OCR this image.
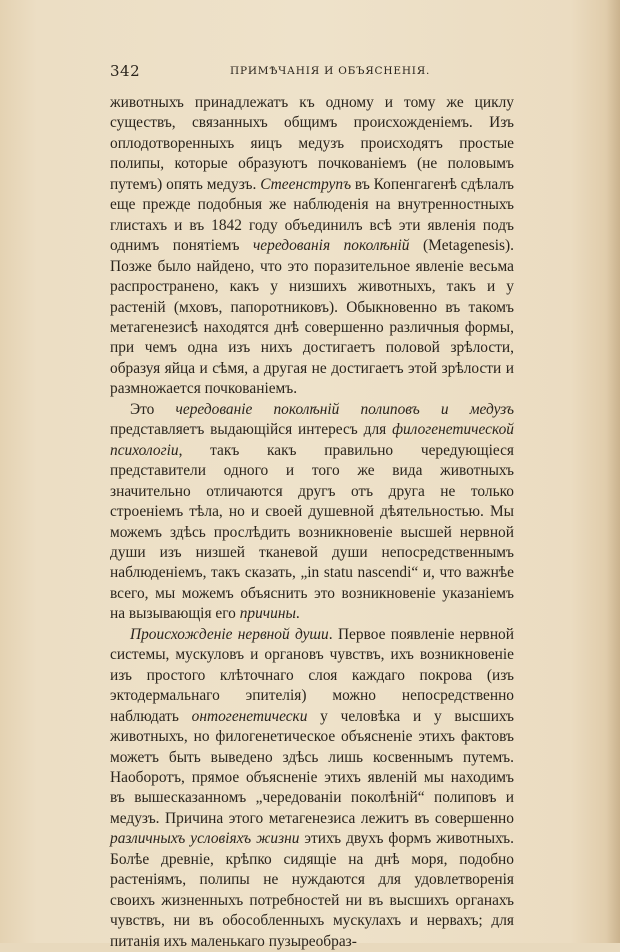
342	ПРИМѢЧАНІЯ И ОБЪЯСНЕНІЯ.

животныхъ принадлежатъ къ одному и тому же циклу существъ, связанныхъ общимъ происхожденіемъ. Изъ оплодотворенныхъ яицъ медузъ происходятъ простые полипы, которые образуютъ почкованіемъ (не половымъ путемъ) опять медузъ. Стеенструпъ въ Копенгагенѣ сдѣлалъ еще прежде подобныя же наблюденія на внутренностныхъ глистахъ и въ 1842 году объединилъ всѣ эти явленія подъ однимъ понятіемъ чередованія поколѣній (Metagenesis). Позже было найдено, что это поразительное явленіе весьма распространено, какъ у низшихъ животныхъ, такъ и у растеній (мховъ, папоротниковъ). Обыкновенно въ такомъ метагенезисѣ находятся днѣ совершенно различныя формы, при чемъ одна изъ нихъ достигаетъ половой зрѣлости, образуя яйца и сѣмя, а другая не достигаетъ этой зрѣлости и размножается почкованіемъ.

Это чередованіе поколѣній полиповъ и медузъ представляетъ выдающійся интересъ для филогенетической психологіи, такъ какъ правильно чередующіеся представители одного и того же вида животныхъ значительно отличаются другъ отъ друга не только строеніемъ тѣла, но и своей душевной дѣятельностью. Мы можемъ здѣсь прослѣдить возникновеніе высшей нервной души изъ низшей тканевой души непосредственнымъ наблюденіемъ, такъ сказать, „in statu nascendi“ и, что важнѣе всего, мы можемъ объяснить это возникновеніе указаніемъ на вызывающія его причины.

Происхожденіе нервной души. Первое появленіе нервной системы, мускуловъ и органовъ чувствъ, ихъ возникновеніе изъ простого клѣточнаго слоя каждаго покрова (изъ эктодермальнаго эпителія) можно непосредственно наблюдать онтогенетически у человѣка и у высшихъ животныхъ, но филогенетическое объясненіе этихъ фактовъ можетъ быть выведено здѣсь лишь косвеннымъ путемъ. Наоборотъ, прямое объясненіе этихъ явленій мы находимъ въ вышесказанномъ „чередованіи поколѣній“ полиповъ и медузъ. Причина этого метагенезиса лежитъ въ совершенно различныхъ условіяхъ жизни этихъ двухъ формъ животныхъ. Болѣе древніе, крѣпко сидящіе на днѣ моря, подобно растеніямъ, полипы не нуждаются для удовлетворенія своихъ жизненныхъ потребностей ни въ высшихъ органахъ чувствъ, ни въ обособленныхъ мускулахъ и нервахъ; для питанія ихъ маленькаго пузыреобраз-
